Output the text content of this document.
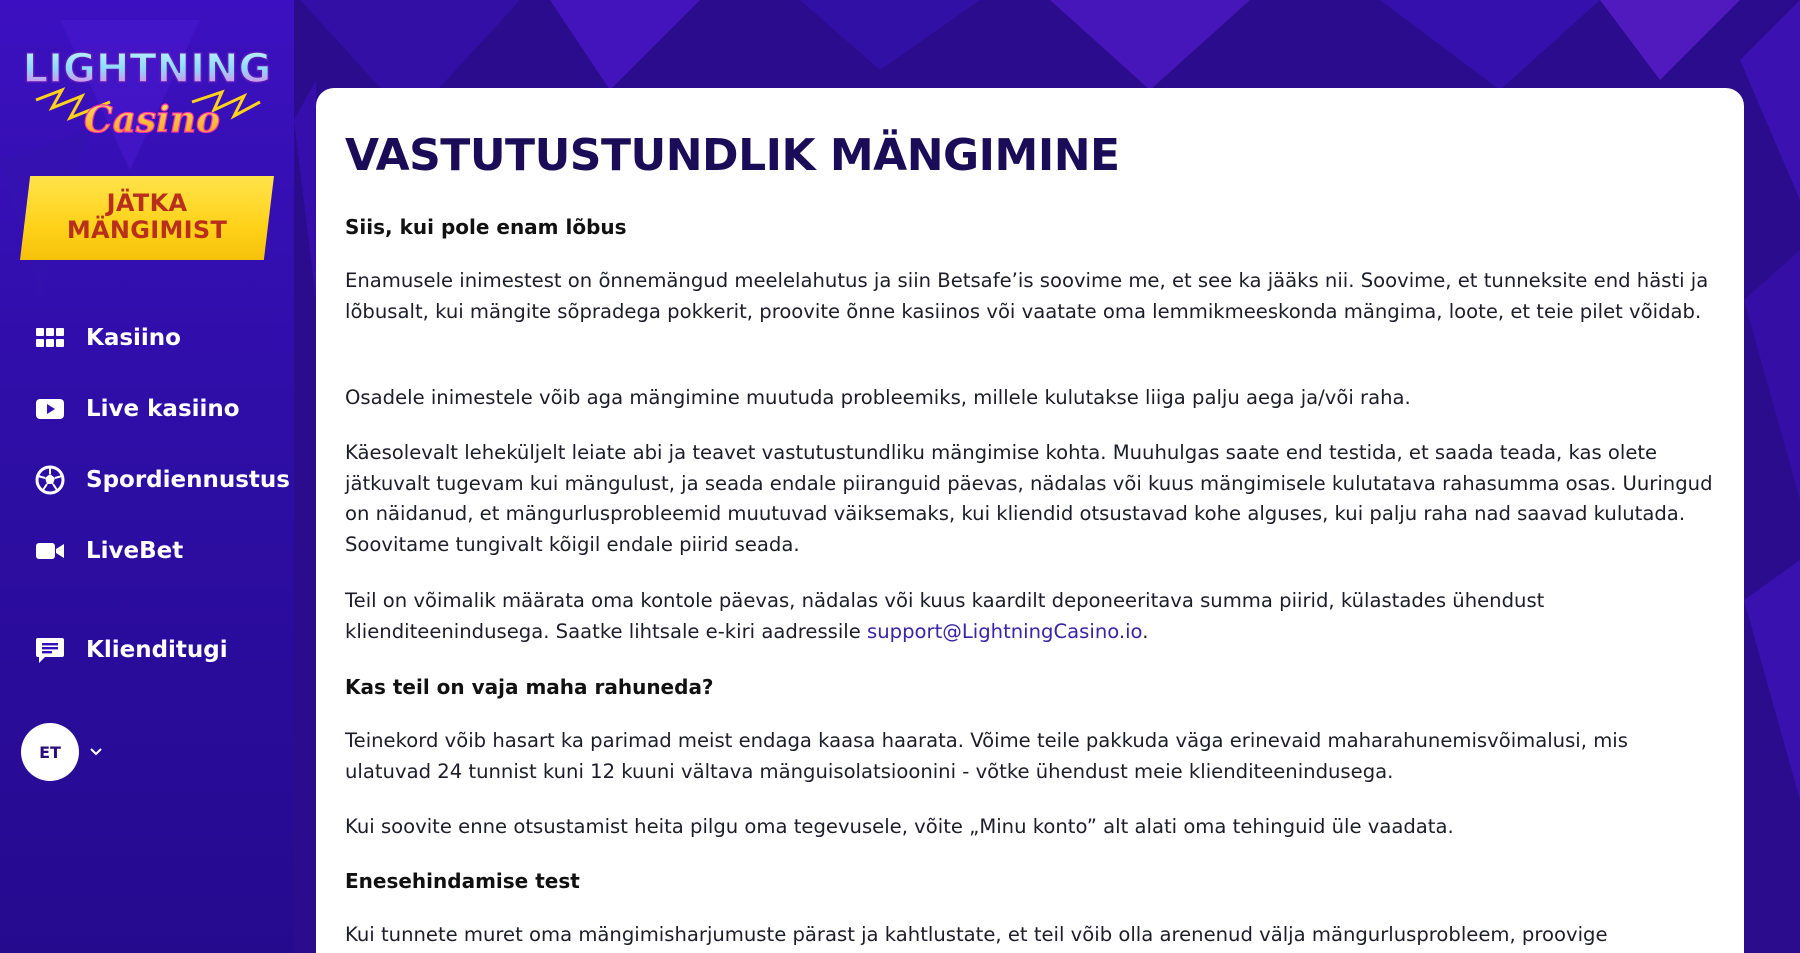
LIGHTNING
Casino
JÄTKA
MÄNGIMIST
Kasiino
Live kasiino
Spordiennustus
LiveBet
Klienditugi
ET
VASTUTUSTUNDLIK MÄNGIMINE

Siis, kui pole enam lõbus

Enamusele inimestest on õnnemängud meelelahutus ja siin Betsafe’is soovime me, et see ka jääks nii. Soovime, et tunneksite end hästi ja lõbusalt, kui mängite sõpradega pokkerit, proovite õnne kasiinos või vaatate oma lemmikmeeskonda mängima, loote, et teie pilet võidab.

Osadele inimestele võib aga mängimine muutuda probleemiks, millele kulutakse liiga palju aega ja/või raha.

Käesolevalt leheküljelt leiate abi ja teavet vastutustundliku mängimise kohta. Muuhulgas saate end testida, et saada teada, kas olete jätkuvalt tugevam kui mängulust, ja seada endale piiranguid päevas, nädalas või kuus mängimisele kulutatava rahasumma osas. Uuringud on näidanud, et mängurlusprobleemid muutuvad väiksemaks, kui kliendid otsustavad kohe alguses, kui palju raha nad saavad kulutada. Soovitame tungivalt kõigil endale piirid seada.

Teil on võimalik määrata oma kontole päevas, nädalas või kuus kaardilt deponeeritava summa piirid, külastades ühendust klienditeenindusega. Saatke lihtsale e-kiri aadressile support@LightningCasino.io.

Kas teil on vaja maha rahuneda?

Teinekord võib hasart ka parimad meist endaga kaasa haarata. Võime teile pakkuda väga erinevaid maharahunemisvõimalusi, mis ulatuvad 24 tunnist kuni 12 kuuni vältava mänguisolatsioonini - võtke ühendust meie klienditeenindusega.

Kui soovite enne otsustamist heita pilgu oma tegevusele, võite „Minu konto” alt alati oma tehinguid üle vaadata.

Enesehindamise test

Kui tunnete muret oma mängimisharjumuste pärast ja kahtlustate, et teil võib olla arenenud välja mängurlusprobleem, proovige
